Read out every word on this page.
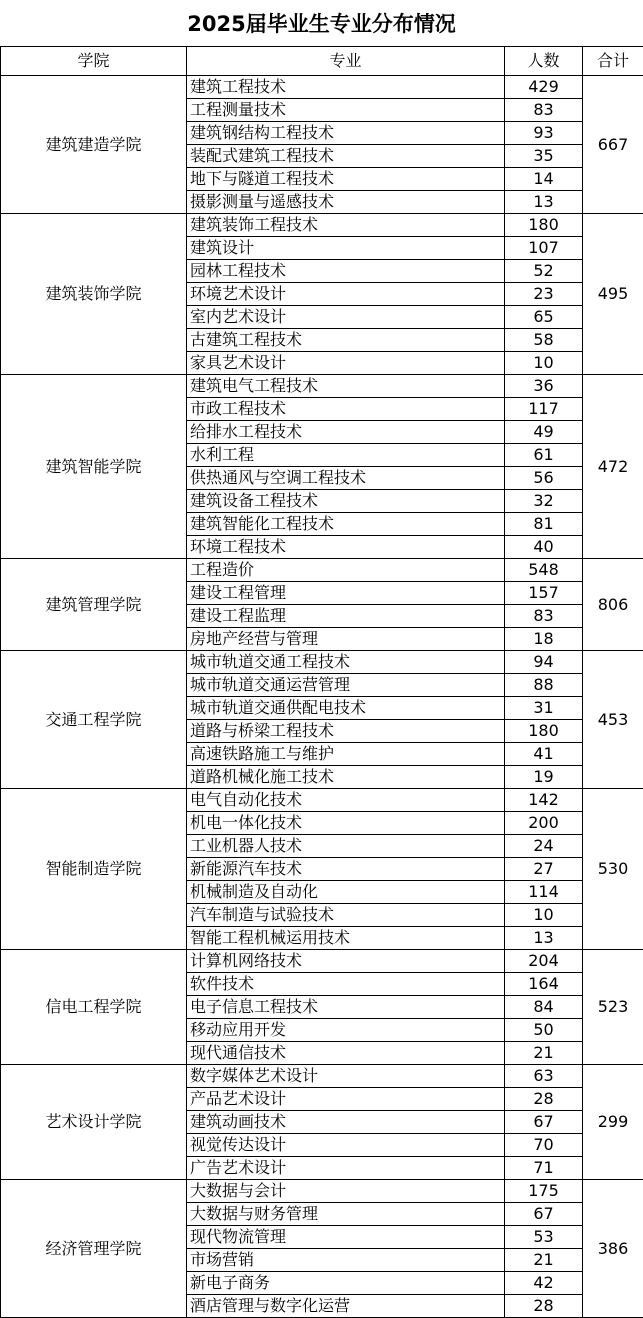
2025届毕业生专业分布情况
学院	专业	人数	合计
建筑建造学院	建筑工程技术	429	667
	工程测量技术	83	
	建筑钢结构工程技术	93	
	装配式建筑工程技术	35	
	地下与隧道工程技术	14	
	摄影测量与遥感技术	13	
建筑装饰学院	建筑装饰工程技术	180	495
	建筑设计	107	
	园林工程技术	52	
	环境艺术设计	23	
	室内艺术设计	65	
	古建筑工程技术	58	
	家具艺术设计	10	
建筑智能学院	建筑电气工程技术	36	472
	市政工程技术	117	
	给排水工程技术	49	
	水利工程	61	
	供热通风与空调工程技术	56	
	建筑设备工程技术	32	
	建筑智能化工程技术	81	
	环境工程技术	40	
建筑管理学院	工程造价	548	806
	建设工程管理	157	
	建设工程监理	83	
	房地产经营与管理	18	
交通工程学院	城市轨道交通工程技术	94	453
	城市轨道交通运营管理	88	
	城市轨道交通供配电技术	31	
	道路与桥梁工程技术	180	
	高速铁路施工与维护	41	
	道路机械化施工技术	19	
智能制造学院	电气自动化技术	142	530
	机电一体化技术	200	
	工业机器人技术	24	
	新能源汽车技术	27	
	机械制造及自动化	114	
	汽车制造与试验技术	10	
	智能工程机械运用技术	13	
信电工程学院	计算机网络技术	204	523
	软件技术	164	
	电子信息工程技术	84	
	移动应用开发	50	
	现代通信技术	21	
艺术设计学院	数字媒体艺术设计	63	299
	产品艺术设计	28	
	建筑动画技术	67	
	视觉传达设计	70	
	广告艺术设计	71	
经济管理学院	大数据与会计	175	386
	大数据与财务管理	67	
	现代物流管理	53	
	市场营销	21	
	新电子商务	42	
	酒店管理与数字化运营	28	
